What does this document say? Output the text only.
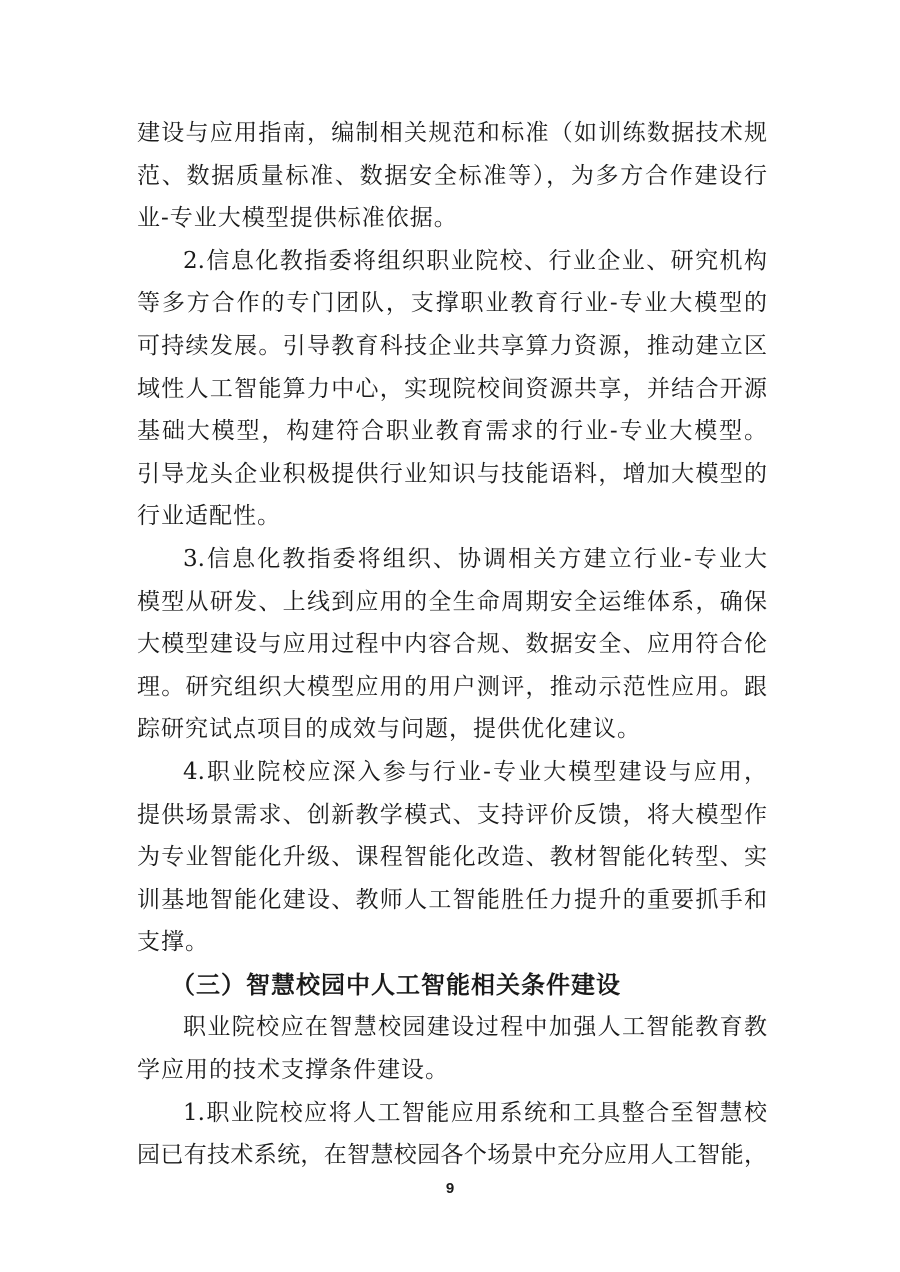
建设与应用指南，编制相关规范和标准（如训练数据技术规
范、数据质量标准、数据安全标准等），为多方合作建设行
业-专业大模型提供标准依据。
2.信息化教指委将组织职业院校、行业企业、研究机构
等多方合作的专门团队，支撑职业教育行业-专业大模型的
可持续发展。引导教育科技企业共享算力资源，推动建立区
域性人工智能算力中心，实现院校间资源共享，并结合开源
基础大模型，构建符合职业教育需求的行业-专业大模型。
引导龙头企业积极提供行业知识与技能语料，增加大模型的
行业适配性。
3.信息化教指委将组织、协调相关方建立行业-专业大
模型从研发、上线到应用的全生命周期安全运维体系，确保
大模型建设与应用过程中内容合规、数据安全、应用符合伦
理。研究组织大模型应用的用户测评，推动示范性应用。跟
踪研究试点项目的成效与问题，提供优化建议。
4.职业院校应深入参与行业-专业大模型建设与应用，
提供场景需求、创新教学模式、支持评价反馈，将大模型作
为专业智能化升级、课程智能化改造、教材智能化转型、实
训基地智能化建设、教师人工智能胜任力提升的重要抓手和
支撑。
（三）智慧校园中人工智能相关条件建设
职业院校应在智慧校园建设过程中加强人工智能教育教
学应用的技术支撑条件建设。
1.职业院校应将人工智能应用系统和工具整合至智慧校
园已有技术系统，在智慧校园各个场景中充分应用人工智能，
9
